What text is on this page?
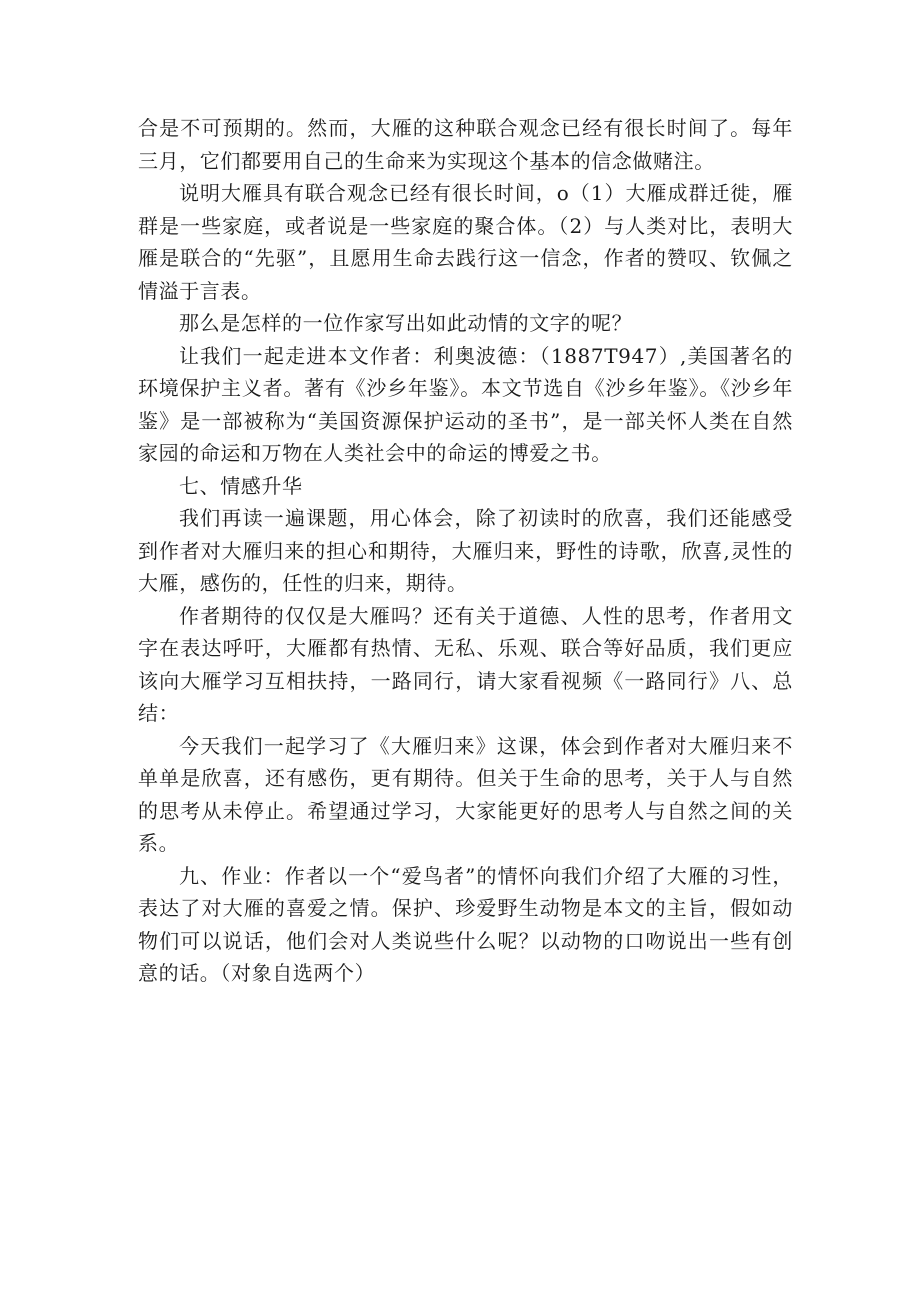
合是不可预期的。然而，大雁的这种联合观念已经有很长时间了。每年三月，它们都要用自己的生命来为实现这个基本的信念做赌注。

说明大雁具有联合观念已经有很长时间，o（1）大雁成群迁徙，雁群是一些家庭，或者说是一些家庭的聚合体。（2）与人类对比，表明大雁是联合的“先驱”，且愿用生命去践行这一信念，作者的赞叹、钦佩之情溢于言表。

那么是怎样的一位作家写出如此动情的文字的呢？

让我们一起走进本文作者：利奥波德：（1887T947）,美国著名的环境保护主义者。著有《沙乡年鉴》。本文节选自《沙乡年鉴》。《沙乡年鉴》是一部被称为“美国资源保护运动的圣书”，是一部关怀人类在自然家园的命运和万物在人类社会中的命运的博爱之书。

七、情感升华

我们再读一遍课题，用心体会，除了初读时的欣喜，我们还能感受到作者对大雁归来的担心和期待，大雁归来，野性的诗歌，欣喜,灵性的大雁，感伤的，任性的归来，期待。

作者期待的仅仅是大雁吗？还有关于道德、人性的思考，作者用文字在表达呼吁，大雁都有热情、无私、乐观、联合等好品质，我们更应该向大雁学习互相扶持，一路同行，请大家看视频《一路同行》八、总结：

今天我们一起学习了《大雁归来》这课，体会到作者对大雁归来不单单是欣喜，还有感伤，更有期待。但关于生命的思考，关于人与自然的思考从未停止。希望通过学习，大家能更好的思考人与自然之间的关系。

九、作业：作者以一个“爱鸟者”的情怀向我们介绍了大雁的习性，表达了对大雁的喜爱之情。保护、珍爱野生动物是本文的主旨，假如动物们可以说话，他们会对人类说些什么呢？以动物的口吻说出一些有创意的话。（对象自选两个）
